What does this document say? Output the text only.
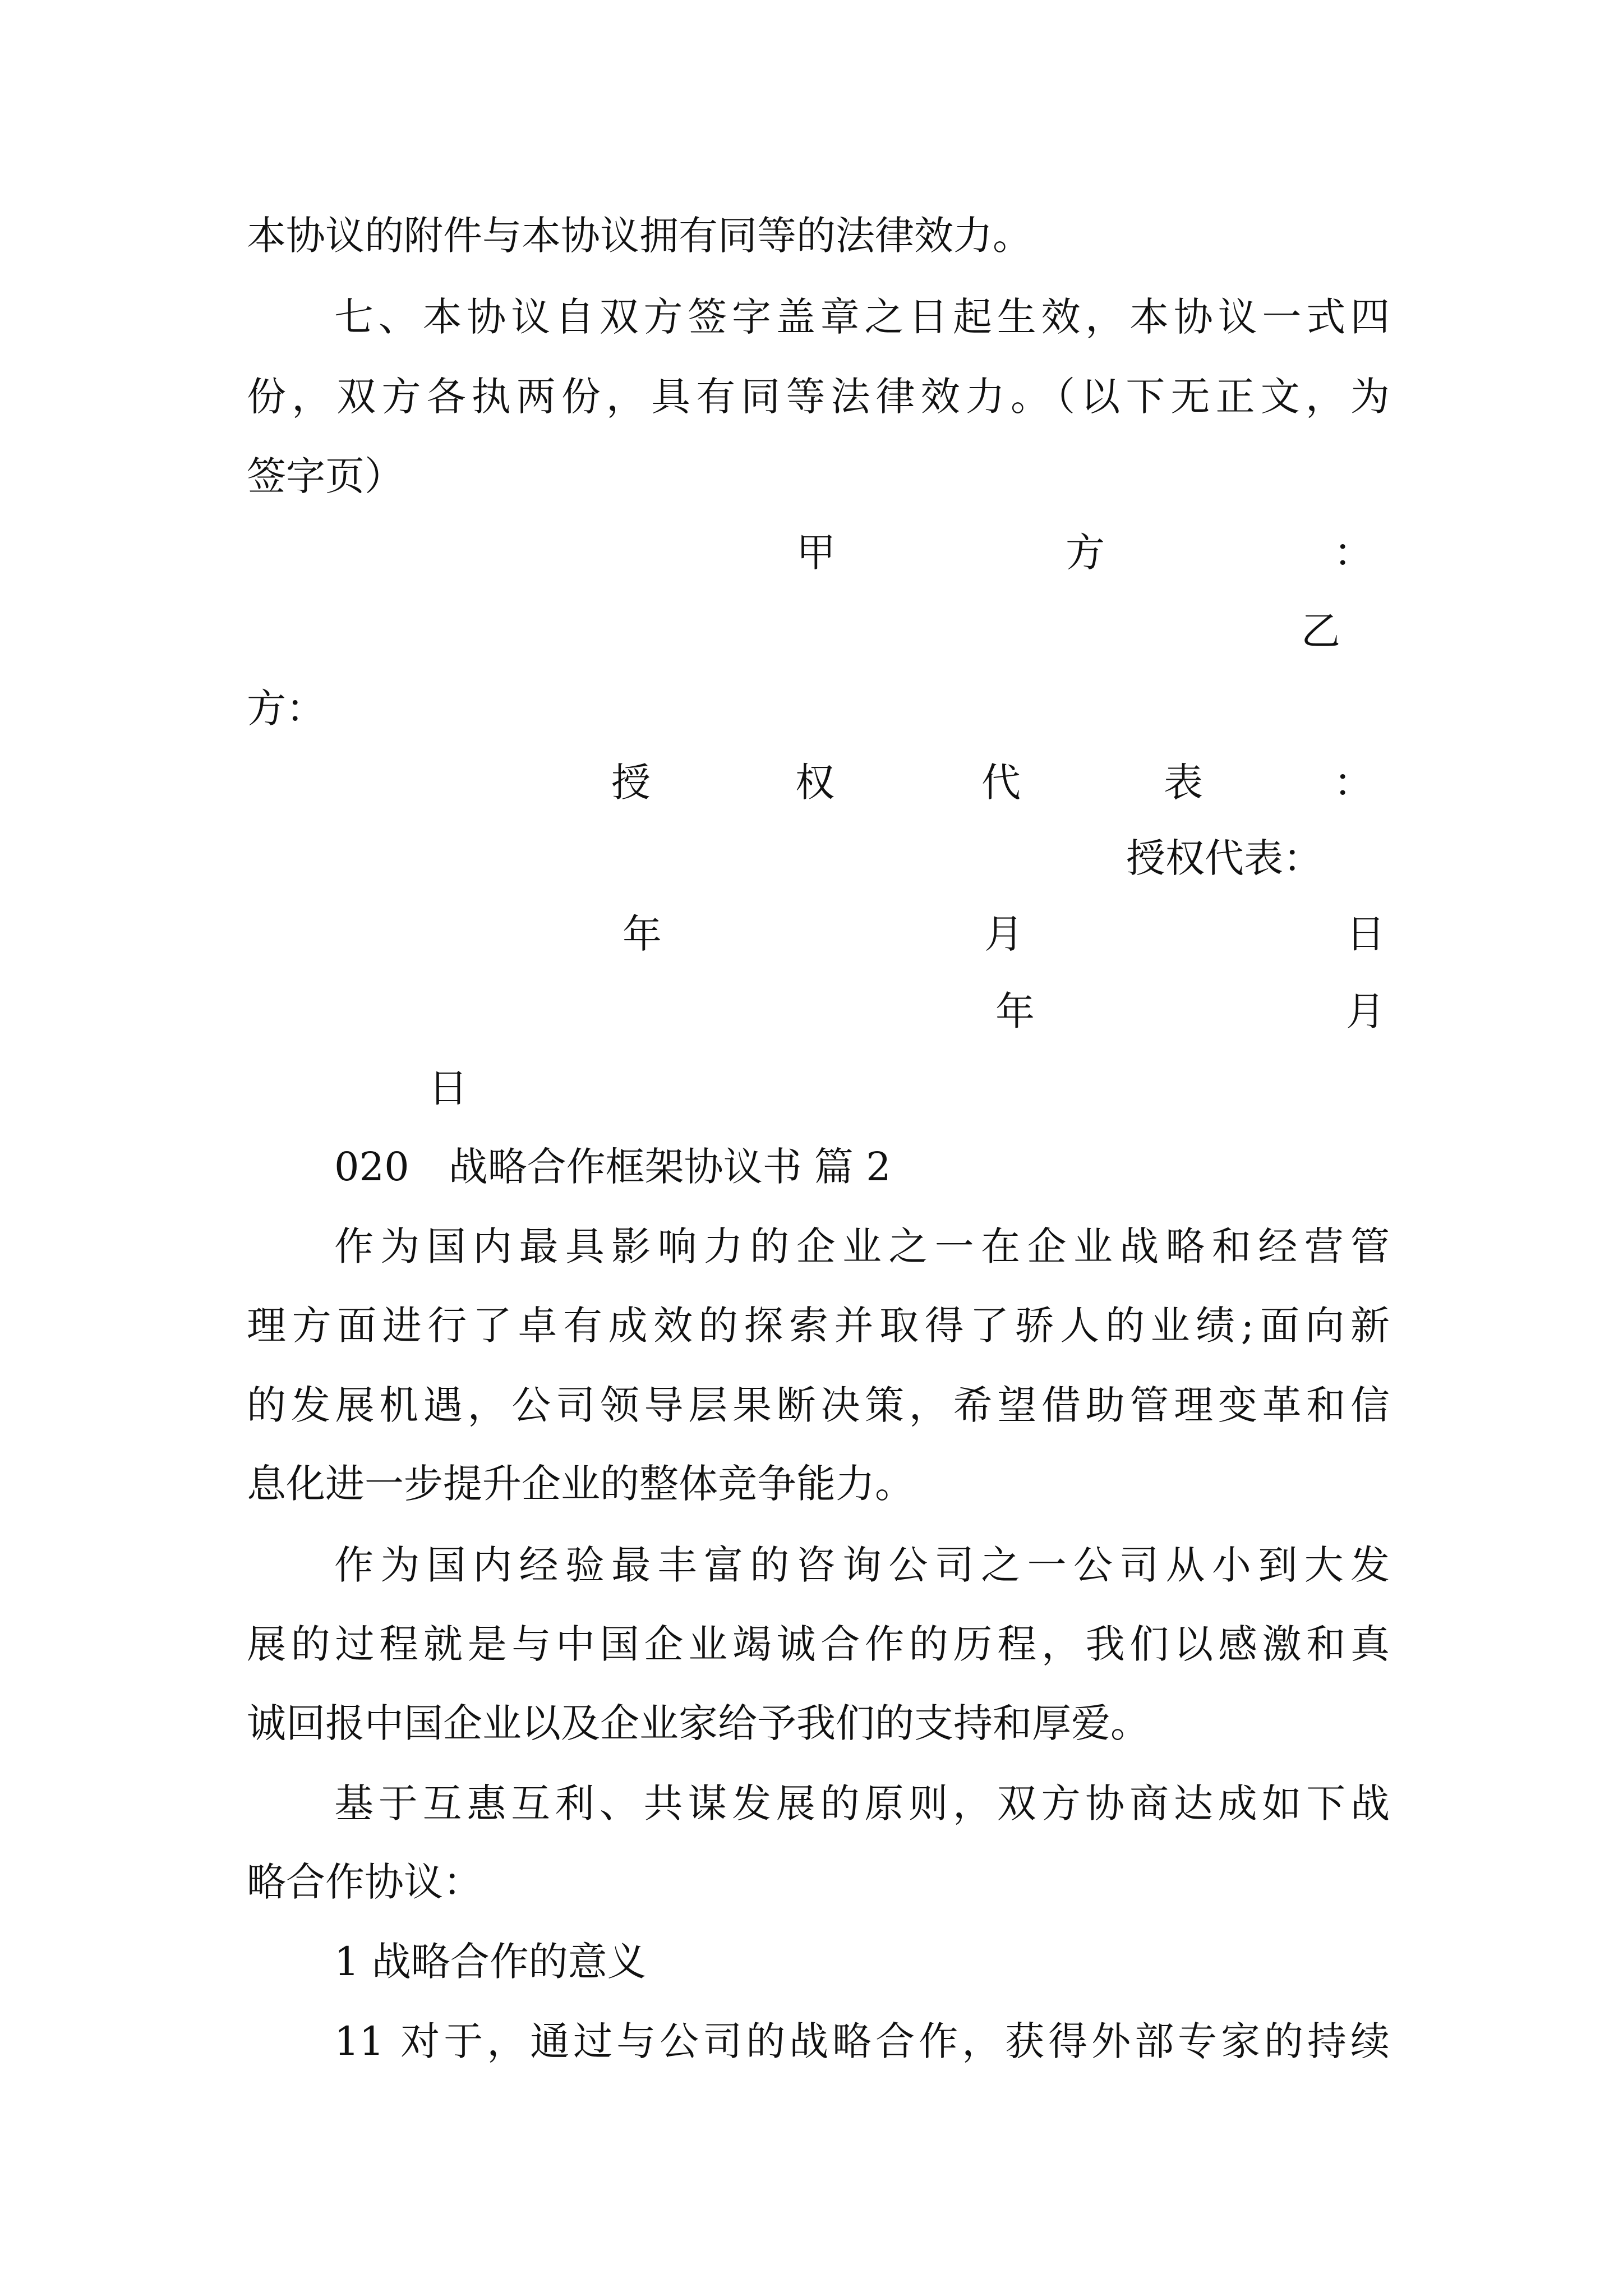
本协议的附件与本协议拥有同等的法律效力。
七、本协议自双方签字盖章之日起生效，本协议一式四
份，双方各执两份，具有同等法律效力。（以下无正文，为
签字页）
甲	方	：
乙
方：
授	权	代	表	：
授权代表：
年	月	日
年	月
日
020　战略合作框架协议书 篇 2
作为国内最具影响力的企业之一在企业战略和经营管
理方面进行了卓有成效的探索并取得了骄人的业绩;面向新
的发展机遇，公司领导层果断决策，希望借助管理变革和信
息化进一步提升企业的整体竞争能力。
作为国内经验最丰富的咨询公司之一公司从小到大发
展的过程就是与中国企业竭诚合作的历程，我们以感激和真
诚回报中国企业以及企业家给予我们的支持和厚爱。
基于互惠互利、共谋发展的原则，双方协商达成如下战
略合作协议：
1 战略合作的意义
11 对于，通过与公司的战略合作，获得外部专家的持续
